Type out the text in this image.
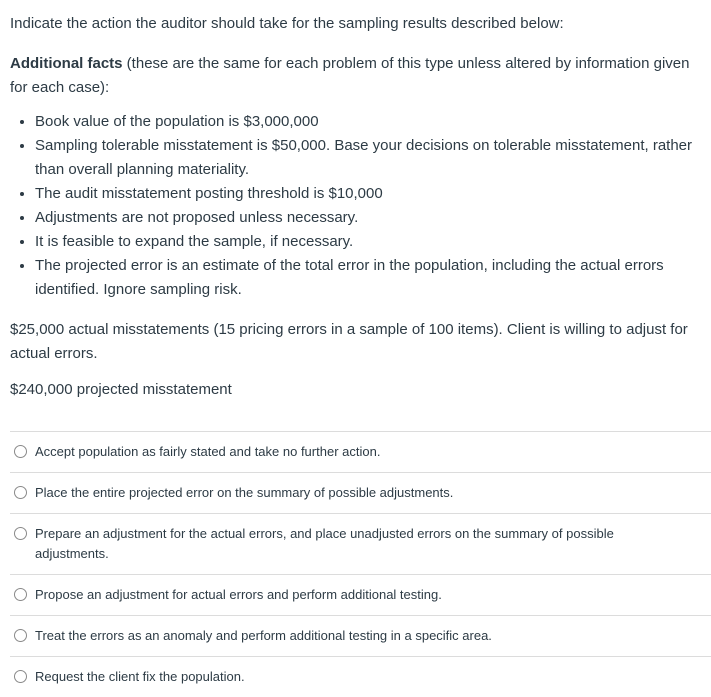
Indicate the action the auditor should take for the sampling results described below:

Additional facts (these are the same for each problem of this type unless altered by information given for each case):

• Book value of the population is $3,000,000
• Sampling tolerable misstatement is $50,000. Base your decisions on tolerable misstatement, rather than overall planning materiality.
• The audit misstatement posting threshold is $10,000
• Adjustments are not proposed unless necessary.
• It is feasible to expand the sample, if necessary.
• The projected error is an estimate of the total error in the population, including the actual errors identified. Ignore sampling risk.

$25,000 actual misstatements (15 pricing errors in a sample of 100 items). Client is willing to adjust for actual errors.

$240,000 projected misstatement

Accept population as fairly stated and take no further action.
Place the entire projected error on the summary of possible adjustments.
Prepare an adjustment for the actual errors, and place unadjusted errors on the summary of possible adjustments.
Propose an adjustment for actual errors and perform additional testing.
Treat the errors as an anomaly and perform additional testing in a specific area.
Request the client fix the population.
